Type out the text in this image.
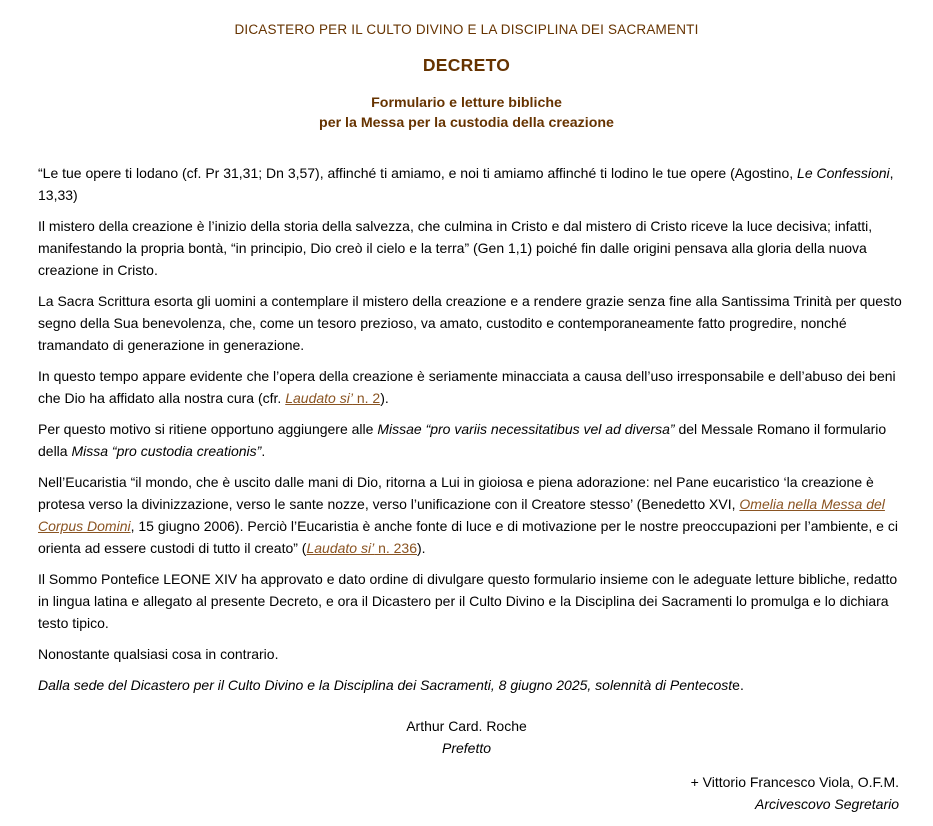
DICASTERO PER IL CULTO DIVINO E LA DISCIPLINA DEI SACRAMENTI
DECRETO
Formulario e letture bibliche
per la Messa per la custodia della creazione

“Le tue opere ti lodano (cf. Pr 31,31; Dn 3,57), affinché ti amiamo, e noi ti amiamo affinché ti lodino le tue opere (Agostino, Le Confessioni, 13,33)

Il mistero della creazione è l’inizio della storia della salvezza, che culmina in Cristo e dal mistero di Cristo riceve la luce decisiva; infatti, manifestando la propria bontà, “in principio, Dio creò il cielo e la terra” (Gen 1,1) poiché fin dalle origini pensava alla gloria della nuova creazione in Cristo.

La Sacra Scrittura esorta gli uomini a contemplare il mistero della creazione e a rendere grazie senza fine alla Santissima Trinità per questo segno della Sua benevolenza, che, come un tesoro prezioso, va amato, custodito e contemporaneamente fatto progredire, nonché tramandato di generazione in generazione.

In questo tempo appare evidente che l’opera della creazione è seriamente minacciata a causa dell’uso irresponsabile e dell’abuso dei beni che Dio ha affidato alla nostra cura (cfr. Laudato si’ n. 2).

Per questo motivo si ritiene opportuno aggiungere alle Missae “pro variis necessitatibus vel ad diversa” del Messale Romano il formulario della Missa “pro custodia creationis”.

Nell’Eucaristia “il mondo, che è uscito dalle mani di Dio, ritorna a Lui in gioiosa e piena adorazione: nel Pane eucaristico ‘la creazione è protesa verso la divinizzazione, verso le sante nozze, verso l’unificazione con il Creatore stesso’ (Benedetto XVI, Omelia nella Messa del Corpus Domini, 15 giugno 2006). Perciò l’Eucaristia è anche fonte di luce e di motivazione per le nostre preoccupazioni per l’ambiente, e ci orienta ad essere custodi di tutto il creato” (Laudato si’ n. 236).

Il Sommo Pontefice LEONE XIV ha approvato e dato ordine di divulgare questo formulario insieme con le adeguate letture bibliche, redatto in lingua latina e allegato al presente Decreto, e ora il Dicastero per il Culto Divino e la Disciplina dei Sacramenti lo promulga e lo dichiara testo tipico.

Nonostante qualsiasi cosa in contrario.

Dalla sede del Dicastero per il Culto Divino e la Disciplina dei Sacramenti, 8 giugno 2025, solennità di Pentecoste.

Arthur Card. Roche
Prefetto
+ Vittorio Francesco Viola, O.F.M.
Arcivescovo Segretario
